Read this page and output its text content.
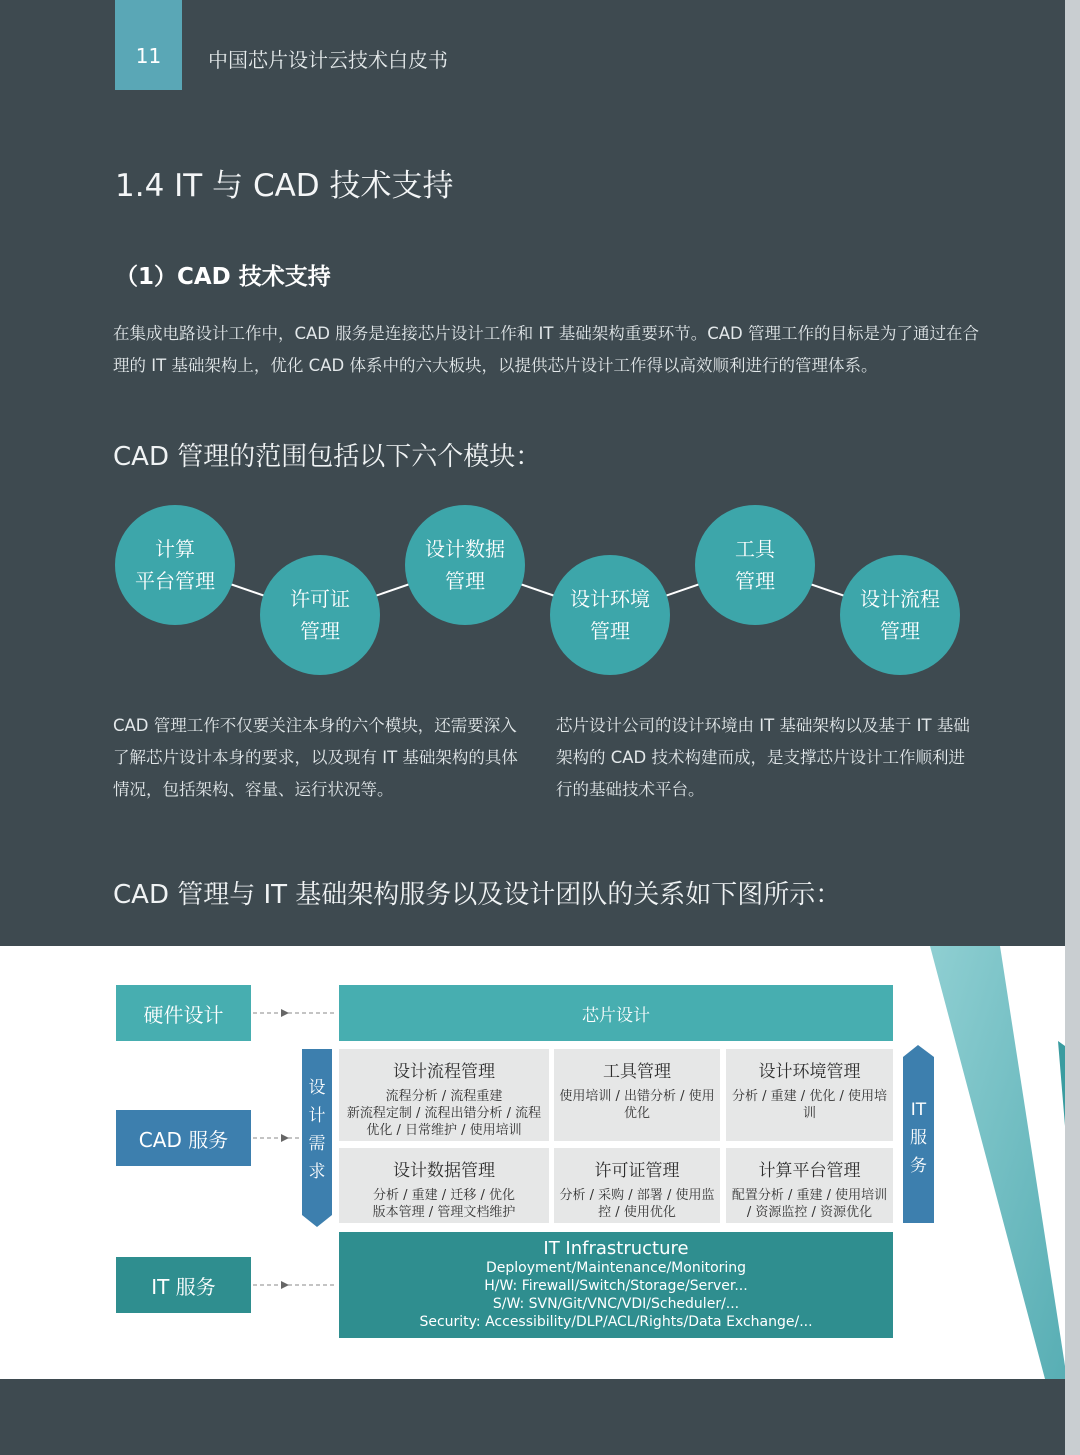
11 中国芯片设计云技术白皮书
1.4 IT 与 CAD 技术支持
（1）CAD 技术支持
在集成电路设计工作中，CAD 服务是连接芯片设计工作和 IT 基础架构重要环节。CAD 管理工作的目标是为了通过在合理的 IT 基础架构上，优化 CAD 体系中的六大板块，以提供芯片设计工作得以高效顺利进行的管理体系。
CAD 管理的范围包括以下六个模块：
计算
平台管理
许可证
管理
设计数据
管理
设计环境
管理
工具
管理
设计流程
管理
CAD 管理工作不仅要关注本身的六个模块，还需要深入了解芯片设计本身的要求，以及现有 IT 基础架构的具体情况，包括架构、容量、运行状况等。
芯片设计公司的设计环境由 IT 基础架构以及基于 IT 基础架构的 CAD 技术构建而成，是支撑芯片设计工作顺利进行的基础技术平台。
CAD 管理与 IT 基础架构服务以及设计团队的关系如下图所示：
硬件设计
CAD 服务
IT 服务
芯片设计
设
计
需
求
IT
服
务
设计流程管理
流程分析 / 流程重建
新流程定制 / 流程出错分析 / 流程优化 / 日常维护 / 使用培训
工具管理
使用培训 / 出错分析 / 使用优化
设计环境管理
分析 / 重建 / 优化 / 使用培训
设计数据管理
分析 / 重建 / 迁移 / 优化
版本管理 / 管理文档维护
许可证管理
分析 / 采购 / 部署 / 使用监控 / 使用优化
计算平台管理
配置分析 / 重建 / 使用培训 / 资源监控 / 资源优化
IT Infrastructure
Deployment/Maintenance/Monitoring
H/W: Firewall/Switch/Storage/Server...
S/W: SVN/Git/VNC/VDI/Scheduler/...
Security: Accessibility/DLP/ACL/Rights/Data Exchange/...
